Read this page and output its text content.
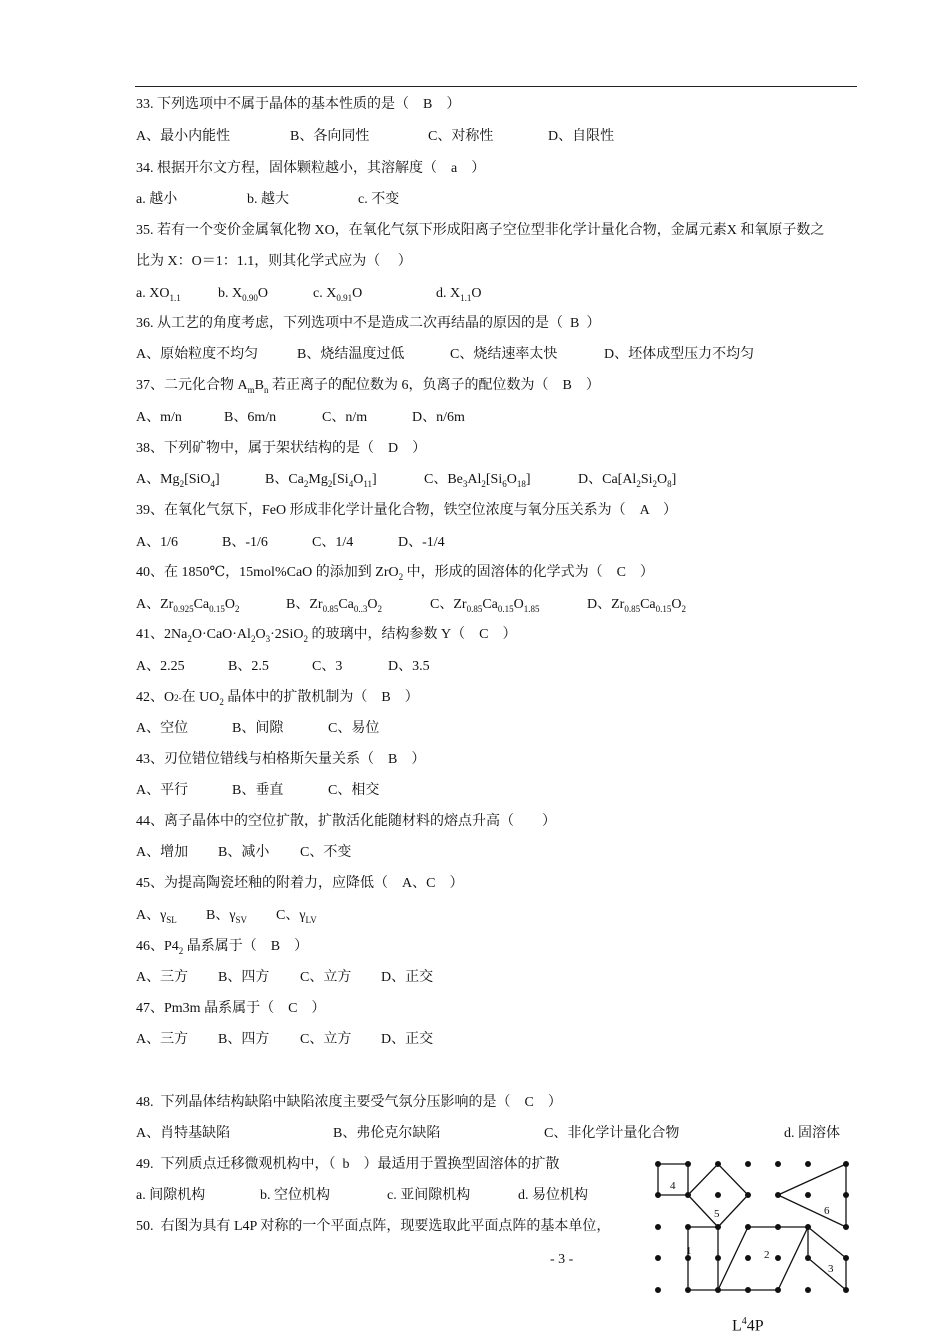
33. 下列选项中不属于晶体的基本性质的是（    B    ）
A、最小内能性	B、各向同性	C、对称性	D、自限性
34. 根据开尔文方程，固体颗粒越小，其溶解度（    a    ）
a. 越小	b. 越大	c. 不变
35. 若有一个变价金属氧化物 XO，在氧化气氛下形成阳离子空位型非化学计量化合物，金属元素X 和氧原子数之
比为 X：O＝1：1.1，则其化学式应为（     ）
a. $XO_{1.1}$	b. $X_{0.90}O$	c. $X_{0.91}O$	d. $X_{1.1}O$
36. 从工艺的角度考虑，下列选项中不是造成二次再结晶的原因的是（  B  ）
A、原始粒度不均匀	B、烧结温度过低	C、烧结速率太快	D、坯体成型压力不均匀
37、二元化合物 $A_mB_n$ 若正离子的配位数为 6，负离子的配位数为（    B    ）
A、m/n	B、6m/n	C、n/m	D、n/6m
38、下列矿物中，属于架状结构的是（    D    ）
A、$Mg_2[SiO_4]$	B、$Ca_2Mg_2[Si_4O_{11}]$	C、$Be_3Al_2[Si_6O_{18}]$	D、$Ca[Al_2Si_2O_8]$
39、在氧化气氛下，FeO 形成非化学计量化合物，铁空位浓度与氧分压关系为（    A    ）
A、1/6	B、-1/6	C、1/4	D、-1/4
40、在 1850℃，15mol%CaO 的添加到 ZrO$_2$ 中，形成的固溶体的化学式为（    C    ）
A、$Zr_{0.925}Ca_{0.15}O_2$	B、$Zr_{0.85}Ca_{0..3}O_2$	C、$Zr_{0.85}Ca_{0.15}O_{1.85}$	D、$Zr_{0.85}Ca_{0.15}O_2$
41、$2Na_2O\cdot CaO\cdot Al_2O_3\cdot 2SiO_2$ 的玻璃中，结构参数 Y（    C    ）
A、2.25	B、2.5	C、3	D、3.5
42、O2-在 $UO_2$ 晶体中的扩散机制为（    B    ）
A、空位	B、间隙	C、易位
43、刃位错位错线与柏格斯矢量关系（    B    ）
A、平行	B、垂直	C、相交
44、离子晶体中的空位扩散，扩散活化能随材料的熔点升高（        ）
A、增加 B、减小 C、不变
45、为提高陶瓷坯釉的附着力，应降低（    A、C    ）
A、$\gamma_{SL}$ B、$\gamma_{SV}$ C、$\gamma_{LV}$
46、$P4_2$ 晶系属于（    B    ）
A、三方 B、四方 C、立方 D、正交
47、Pm3m 晶系属于（    C    ）
A、三方 B、四方 C、立方 D、正交
48.  下列晶体结构缺陷中缺陷浓度主要受气氛分压影响的是（    C    ）
A、肖特基缺陷	B、弗伦克尔缺陷	C、非化学计量化合物	d. 固溶体
49.  下列质点迁移微观机构中，（  b    ）最适用于置换型固溶体的扩散
a. 间隙机构	b. 空位机构	c. 亚间隙机构	d. 易位机构
50.  右图为具有 L4P 对称的一个平面点阵，现要选取此平面点阵的基本单位，
- 3 -
4
5	6
1	2
3
$L^44P$
